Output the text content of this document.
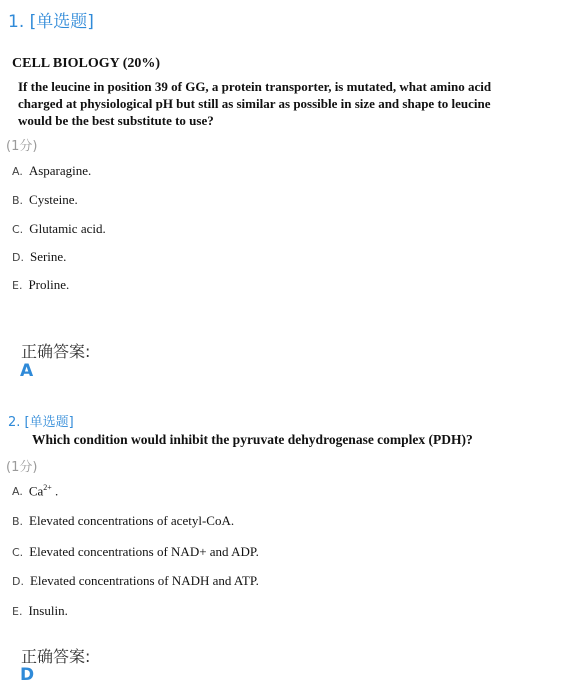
1. [单选题]
CELL BIOLOGY (20%)
If the leucine in position 39 of GG, a protein transporter, is mutated, what amino acid
charged at physiological pH but still as similar as possible in size and shape to leucine
would be the best substitute to use?
(1分)
A. Asparagine.
B. Cysteine.
C. Glutamic acid.
D. Serine.
E. Proline.
正确答案:
A
2. [单选题]
Which condition would inhibit the pyruvate dehydrogenase complex (PDH)?
(1分)
A. $Ca^{2+}$ .
B. Elevated concentrations of acetyl-CoA.
C. Elevated concentrations of NAD+ and ADP.
D. Elevated concentrations of NADH and ATP.
E. Insulin.
正确答案:
D
